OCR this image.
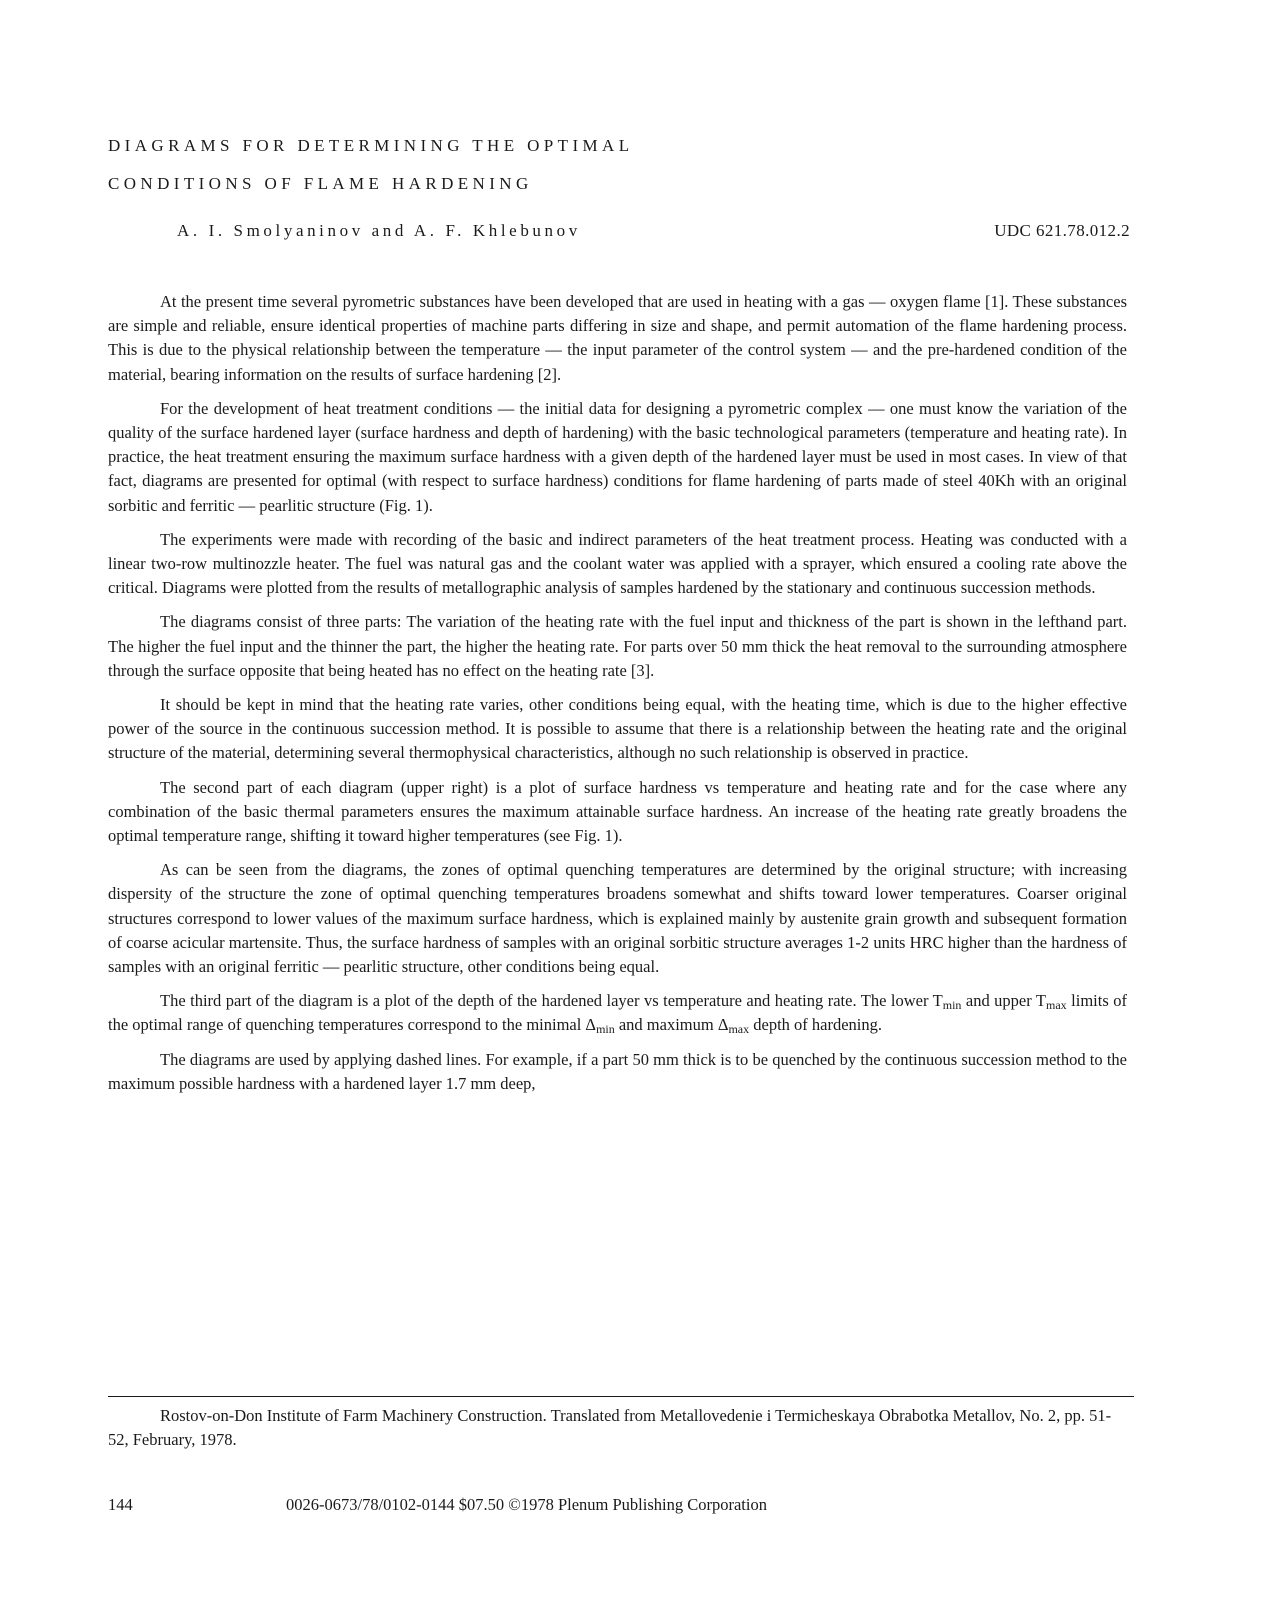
DIAGRAMS FOR DETERMINING THE OPTIMAL
CONDITIONS OF FLAME HARDENING
A. I. Smolyaninov and A. F. Khlebunov	UDC 621.78.012.2

At the present time several pyrometric substances have been developed that are used in heating with a gas — oxygen flame [1]. These substances are simple and reliable, ensure identical properties of machine parts differing in size and shape, and permit automation of the flame hardening process. This is due to the physical relationship between the temperature — the input parameter of the control system — and the pre-hardened condition of the material, bearing information on the results of surface hardening [2].

For the development of heat treatment conditions — the initial data for designing a pyrometric complex — one must know the variation of the quality of the surface hardened layer (surface hardness and depth of hardening) with the basic technological parameters (temperature and heating rate). In practice, the heat treatment ensuring the maximum surface hardness with a given depth of the hardened layer must be used in most cases. In view of that fact, diagrams are presented for optimal (with respect to surface hardness) conditions for flame hardening of parts made of steel 40Kh with an original sorbitic and ferritic — pearlitic structure (Fig. 1).

The experiments were made with recording of the basic and indirect parameters of the heat treatment process. Heating was conducted with a linear two-row multinozzle heater. The fuel was natural gas and the coolant water was applied with a sprayer, which ensured a cooling rate above the critical. Diagrams were plotted from the results of metallographic analysis of samples hardened by the stationary and continuous succession methods.

The diagrams consist of three parts: The variation of the heating rate with the fuel input and thickness of the part is shown in the lefthand part. The higher the fuel input and the thinner the part, the higher the heating rate. For parts over 50 mm thick the heat removal to the surrounding atmosphere through the surface opposite that being heated has no effect on the heating rate [3].

It should be kept in mind that the heating rate varies, other conditions being equal, with the heating time, which is due to the higher effective power of the source in the continuous succession method. It is possible to assume that there is a relationship between the heating rate and the original structure of the material, determining several thermophysical characteristics, although no such relationship is observed in practice.

The second part of each diagram (upper right) is a plot of surface hardness vs temperature and heating rate and for the case where any combination of the basic thermal parameters ensures the maximum attainable surface hardness. An increase of the heating rate greatly broadens the optimal temperature range, shifting it toward higher temperatures (see Fig. 1).

As can be seen from the diagrams, the zones of optimal quenching temperatures are determined by the original structure; with increasing dispersity of the structure the zone of optimal quenching temperatures broadens somewhat and shifts toward lower temperatures. Coarser original structures correspond to lower values of the maximum surface hardness, which is explained mainly by austenite grain growth and subsequent formation of coarse acicular martensite. Thus, the surface hardness of samples with an original sorbitic structure averages 1-2 units HRC higher than the hardness of samples with an original ferritic — pearlitic structure, other conditions being equal.

The third part of the diagram is a plot of the depth of the hardened layer vs temperature and heating rate. The lower $T_{min}$ and upper $T_{max}$ limits of the optimal range of quenching temperatures correspond to the minimal $\Delta_{min}$ and maximum $\Delta_{max}$ depth of hardening.

The diagrams are used by applying dashed lines. For example, if a part 50 mm thick is to be quenched by the continuous succession method to the maximum possible hardness with a hardened layer 1.7 mm deep,

Rostov-on-Don Institute of Farm Machinery Construction. Translated from Metallovedenie i Termicheskaya Obrabotka Metallov, No. 2, pp. 51-52, February, 1978.

144	0026-0673/78/0102-0144 $07.50 ©1978 Plenum Publishing Corporation
